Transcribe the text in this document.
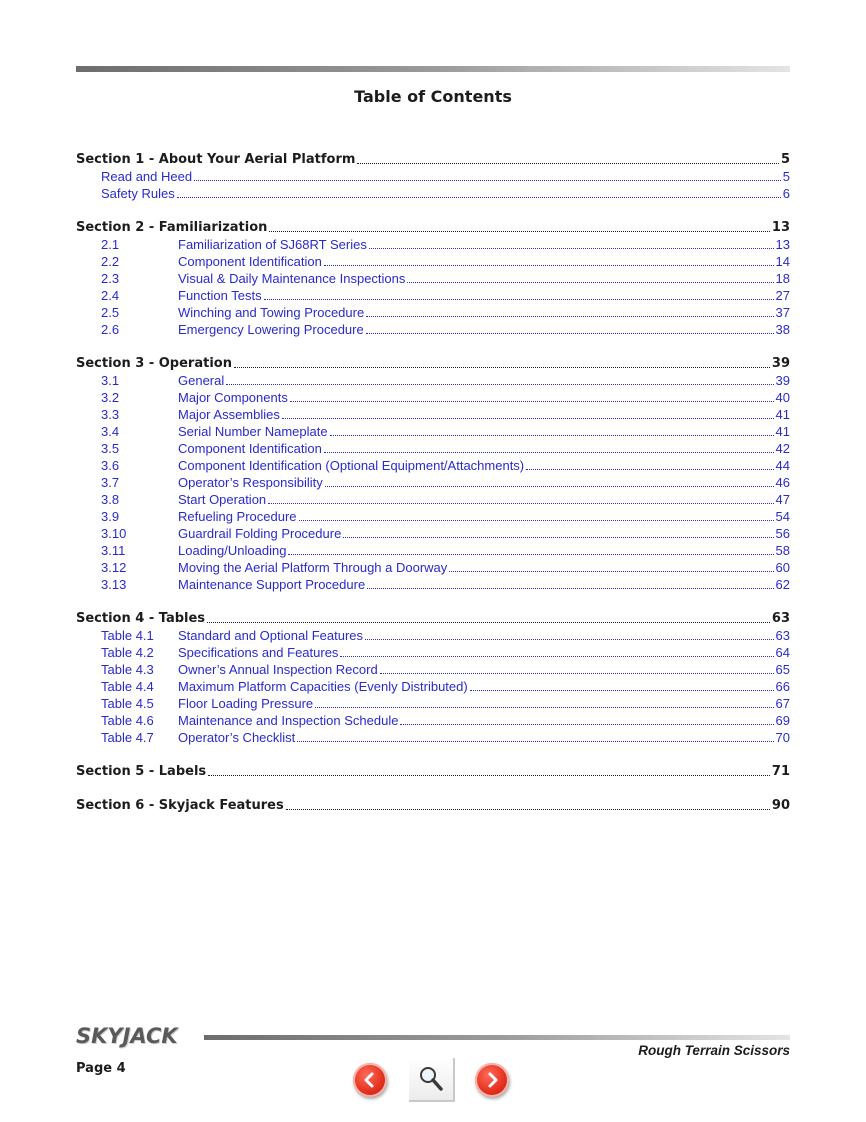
Table of Contents
Section 1 - About Your Aerial Platform	5
Read and Heed	5
Safety Rules	6
Section 2 - Familiarization	13
2.1	Familiarization of SJ68RT Series	13
2.2	Component Identification	14
2.3	Visual & Daily Maintenance Inspections	18
2.4	Function Tests	27
2.5	Winching and Towing Procedure	37
2.6	Emergency Lowering Procedure	38
Section 3 - Operation	39
3.1	General	39
3.2	Major Components	40
3.3	Major Assemblies	41
3.4	Serial Number Nameplate	41
3.5	Component Identification	42
3.6	Component Identification (Optional Equipment/Attachments)	44
3.7	Operator’s Responsibility	46
3.8	Start Operation	47
3.9	Refueling Procedure	54
3.10	Guardrail Folding Procedure	56
3.11	Loading/Unloading	58
3.12	Moving the Aerial Platform Through a Doorway	60
3.13	Maintenance Support Procedure	62
Section 4 - Tables	63
Table 4.1	Standard and Optional Features	63
Table 4.2	Specifications and Features	64
Table 4.3	Owner’s Annual Inspection Record	65
Table 4.4	Maximum Platform Capacities (Evenly Distributed)	66
Table 4.5	Floor Loading Pressure	67
Table 4.6	Maintenance and Inspection Schedule	69
Table 4.7	Operator’s Checklist	70
Section 5 - Labels	71
Section 6 - Skyjack Features	90
SKYJACK
Page 4
Rough Terrain Scissors
